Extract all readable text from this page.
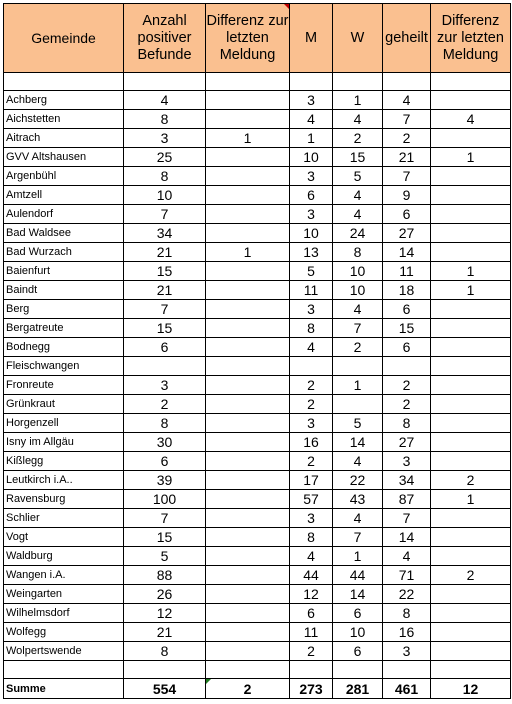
Gemeinde	Anzahl positiver Befunde	Differenz zur letzten Meldung	M	W	geheilt	Differenz zur letzten Meldung

Achberg	4		3	1	4	
Aichstetten	8		4	4	7	4
Aitrach	3	1	1	2	2	
GVV Altshausen	25		10	15	21	1
Argenbühl	8		3	5	7	
Amtzell	10		6	4	9	
Aulendorf	7		3	4	6	
Bad Waldsee	34		10	24	27	
Bad Wurzach	21	1	13	8	14	
Baienfurt	15		5	10	11	1
Baindt	21		11	10	18	1
Berg	7		3	4	6	
Bergatreute	15		8	7	15	
Bodnegg	6		4	2	6	
Fleischwangen						
Fronreute	3		2	1	2	
Grünkraut	2		2		2	
Horgenzell	8		3	5	8	
Isny im Allgäu	30		16	14	27	
Kißlegg	6		2	4	3	
Leutkirch i.A..	39		17	22	34	2
Ravensburg	100		57	43	87	1
Schlier	7		3	4	7	
Vogt	15		8	7	14	
Waldburg	5		4	1	4	
Wangen i.A.	88		44	44	71	2
Weingarten	26		12	14	22	
Wilhelmsdorf	12		6	6	8	
Wolfegg	21		11	10	16	
Wolpertswende	8		2	6	3	

Summe	554	2	273	281	461	12
